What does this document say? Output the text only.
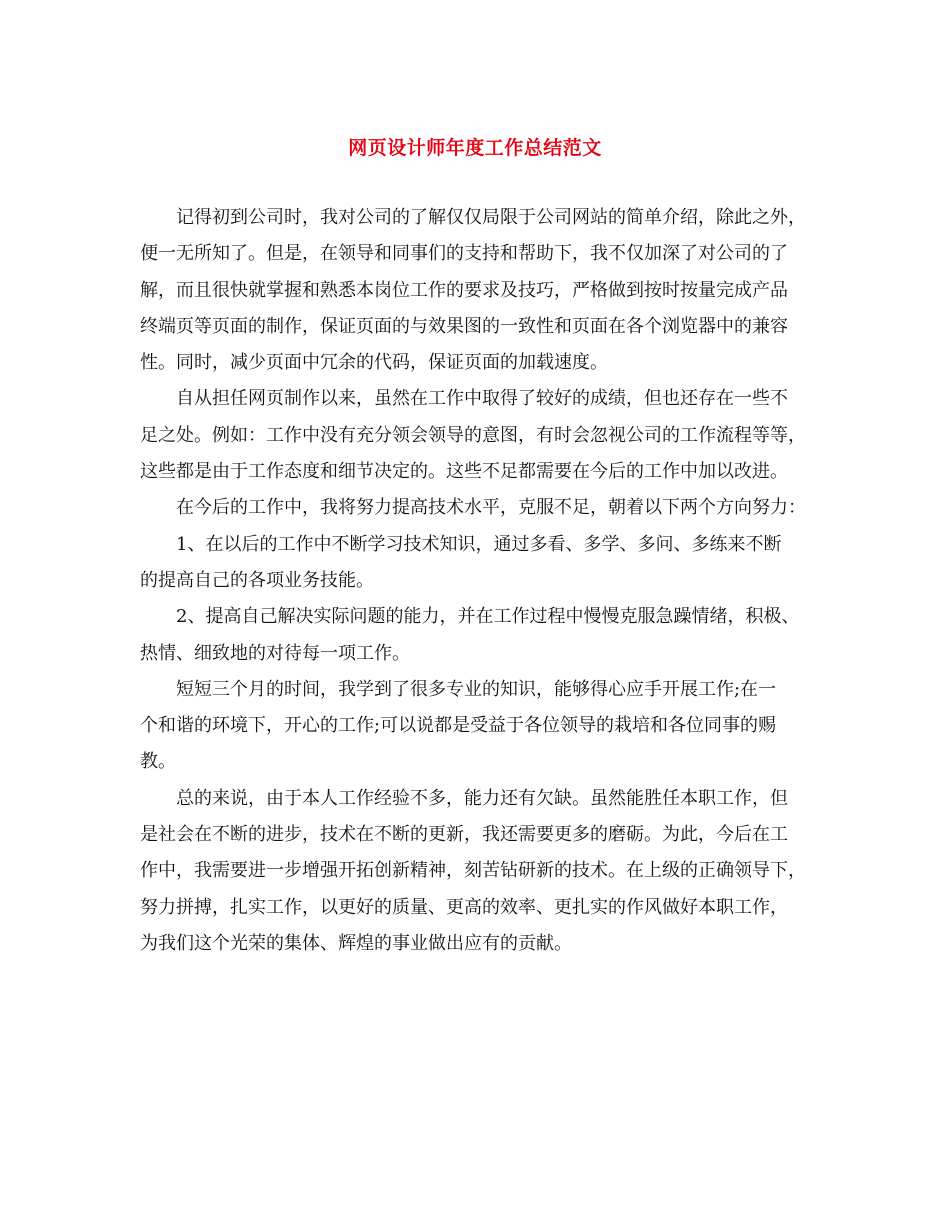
网页设计师年度工作总结范文

记得初到公司时，我对公司的了解仅仅局限于公司网站的简单介绍，除此之外，
便一无所知了。但是，在领导和同事们的支持和帮助下，我不仅加深了对公司的了
解，而且很快就掌握和熟悉本岗位工作的要求及技巧，严格做到按时按量完成产品
终端页等页面的制作，保证页面的与效果图的一致性和页面在各个浏览器中的兼容
性。同时，减少页面中冗余的代码，保证页面的加载速度。

自从担任网页制作以来，虽然在工作中取得了较好的成绩，但也还存在一些不
足之处。例如：工作中没有充分领会领导的意图，有时会忽视公司的工作流程等等，
这些都是由于工作态度和细节决定的。这些不足都需要在今后的工作中加以改进。

在今后的工作中，我将努力提高技术水平，克服不足，朝着以下两个方向努力：

1、在以后的工作中不断学习技术知识，通过多看、多学、多问、多练来不断
的提高自己的各项业务技能。

2、提高自己解决实际问题的能力，并在工作过程中慢慢克服急躁情绪，积极、
热情、细致地的对待每一项工作。

短短三个月的时间，我学到了很多专业的知识，能够得心应手开展工作;在一
个和谐的环境下，开心的工作;可以说都是受益于各位领导的栽培和各位同事的赐
教。

总的来说，由于本人工作经验不多，能力还有欠缺。虽然能胜任本职工作，但
是社会在不断的进步，技术在不断的更新，我还需要更多的磨砺。为此，今后在工
作中，我需要进一步增强开拓创新精神，刻苦钻研新的技术。在上级的正确领导下，
努力拼搏，扎实工作，以更好的质量、更高的效率、更扎实的作风做好本职工作，
为我们这个光荣的集体、辉煌的事业做出应有的贡献。
